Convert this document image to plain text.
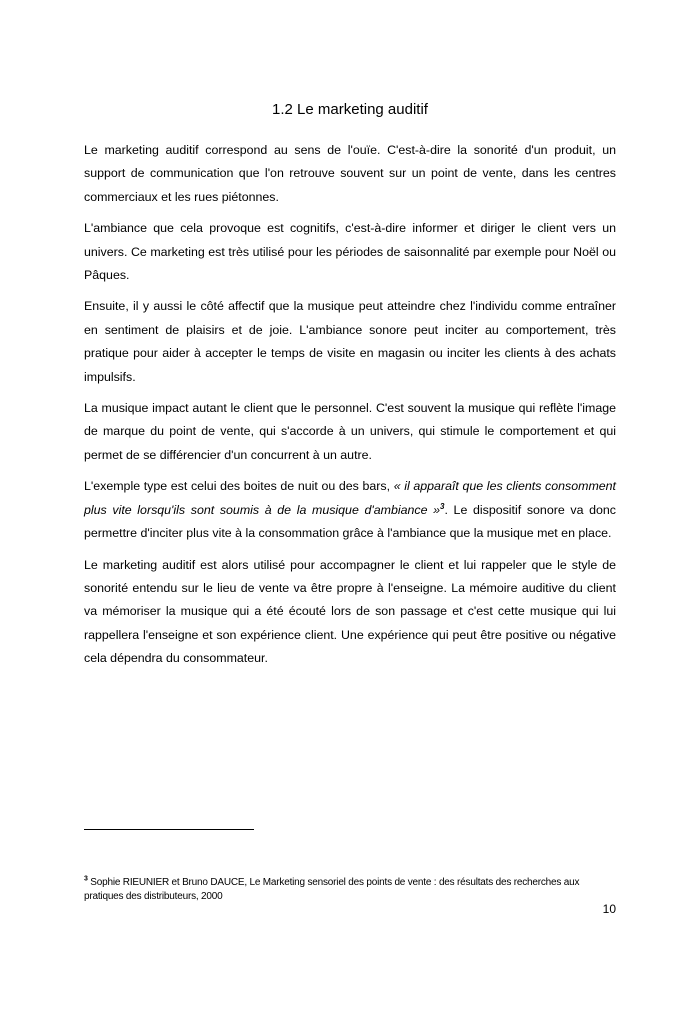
1.2 Le marketing auditif

Le marketing auditif correspond au sens de l'ouïe. C'est-à-dire la sonorité d'un produit, un support de communication que l'on retrouve souvent sur un point de vente, dans les centres commerciaux et les rues piétonnes.

L'ambiance que cela provoque est cognitifs, c'est-à-dire informer et diriger le client vers un univers. Ce marketing est très utilisé pour les périodes de saisonnalité par exemple pour Noël ou Pâques.

Ensuite, il y aussi le côté affectif que la musique peut atteindre chez l'individu comme entraîner en sentiment de plaisirs et de joie. L'ambiance sonore peut inciter au comportement, très pratique pour aider à accepter le temps de visite en magasin ou inciter les clients à des achats impulsifs.

La musique impact autant le client que le personnel. C'est souvent la musique qui reflète l'image de marque du point de vente, qui s'accorde à un univers, qui stimule le comportement et qui permet de se différencier d'un concurrent à un autre.

L'exemple type est celui des boites de nuit ou des bars, « il apparaît que les clients consomment plus vite lorsqu'ils sont soumis à de la musique d'ambiance »$^3$. Le dispositif sonore va donc permettre d'inciter plus vite à la consommation grâce à l'ambiance que la musique met en place.

Le marketing auditif est alors utilisé pour accompagner le client et lui rappeler que le style de sonorité entendu sur le lieu de vente va être propre à l'enseigne. La mémoire auditive du client va mémoriser la musique qui a été écouté lors de son passage et c'est cette musique qui lui rappellera l'enseigne et son expérience client. Une expérience qui peut être positive ou négative cela dépendra du consommateur.

$^3$ Sophie RIEUNIER et Bruno DAUCE, Le Marketing sensoriel des points de vente : des résultats des recherches aux pratiques des distributeurs, 2000
10
